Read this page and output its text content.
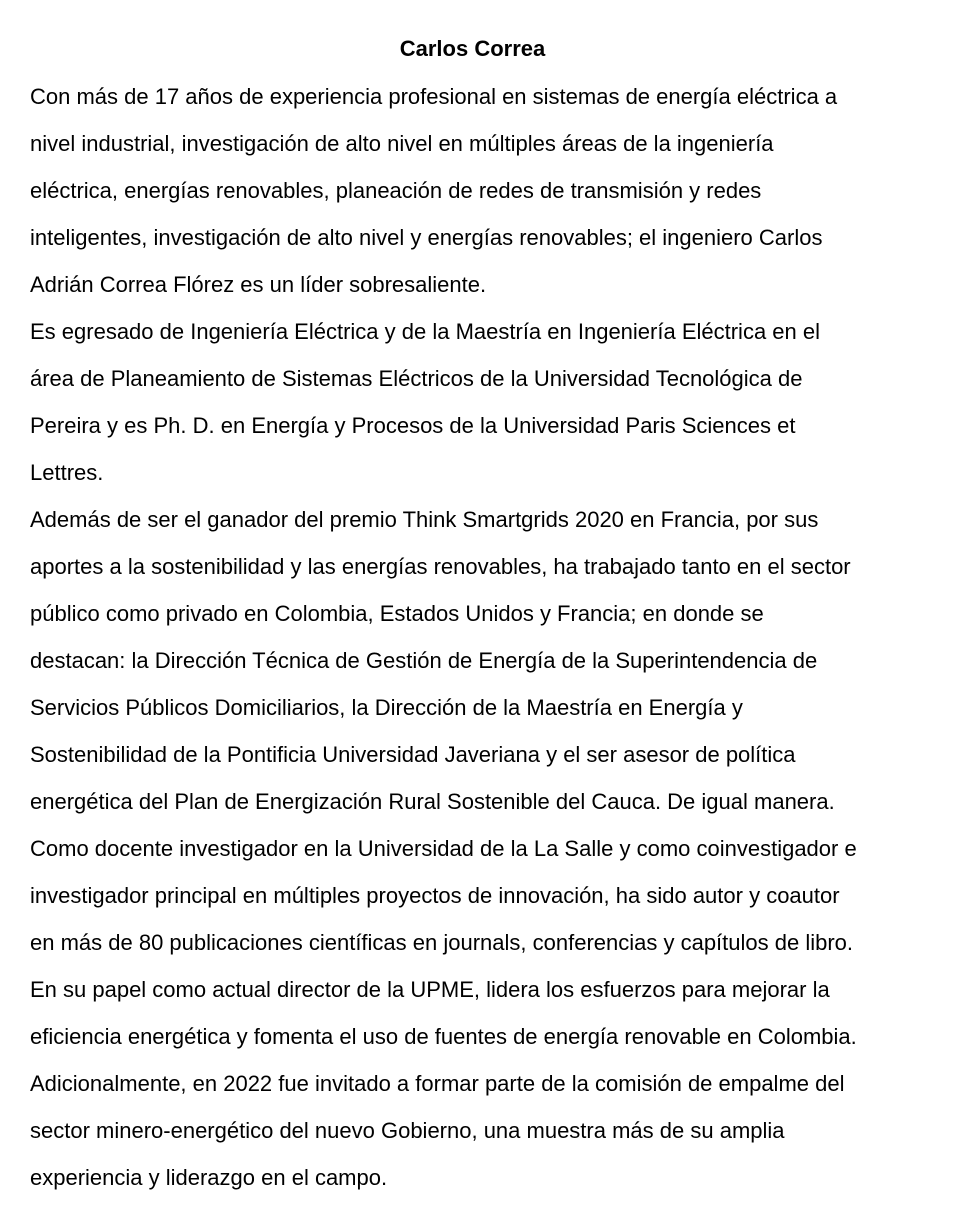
Carlos Correa

Con más de 17 años de experiencia profesional en sistemas de energía eléctrica a
nivel industrial, investigación de alto nivel en múltiples áreas de la ingeniería
eléctrica, energías renovables, planeación de redes de transmisión y redes
inteligentes, investigación de alto nivel y energías renovables; el ingeniero Carlos
Adrián Correa Flórez es un líder sobresaliente.

Es egresado de Ingeniería Eléctrica y de la Maestría en Ingeniería Eléctrica en el
área de Planeamiento de Sistemas Eléctricos de la Universidad Tecnológica de
Pereira y es Ph. D. en Energía y Procesos de la Universidad Paris Sciences et
Lettres.

Además de ser el ganador del premio Think Smartgrids 2020 en Francia, por sus
aportes a la sostenibilidad y las energías renovables, ha trabajado tanto en el sector
público como privado en Colombia, Estados Unidos y Francia; en donde se
destacan: la Dirección Técnica de Gestión de Energía de la Superintendencia de
Servicios Públicos Domiciliarios, la Dirección de la Maestría en Energía y
Sostenibilidad de la Pontificia Universidad Javeriana y el ser asesor de política
energética del Plan de Energización Rural Sostenible del Cauca. De igual manera.

Como docente investigador en la Universidad de la La Salle y como coinvestigador e
investigador principal en múltiples proyectos de innovación, ha sido autor y coautor
en más de 80 publicaciones científicas en journals, conferencias y capítulos de libro.

En su papel como actual director de la UPME, lidera los esfuerzos para mejorar la
eficiencia energética y fomenta el uso de fuentes de energía renovable en Colombia.

Adicionalmente, en 2022 fue invitado a formar parte de la comisión de empalme del
sector minero-energético del nuevo Gobierno, una muestra más de su amplia
experiencia y liderazgo en el campo.
